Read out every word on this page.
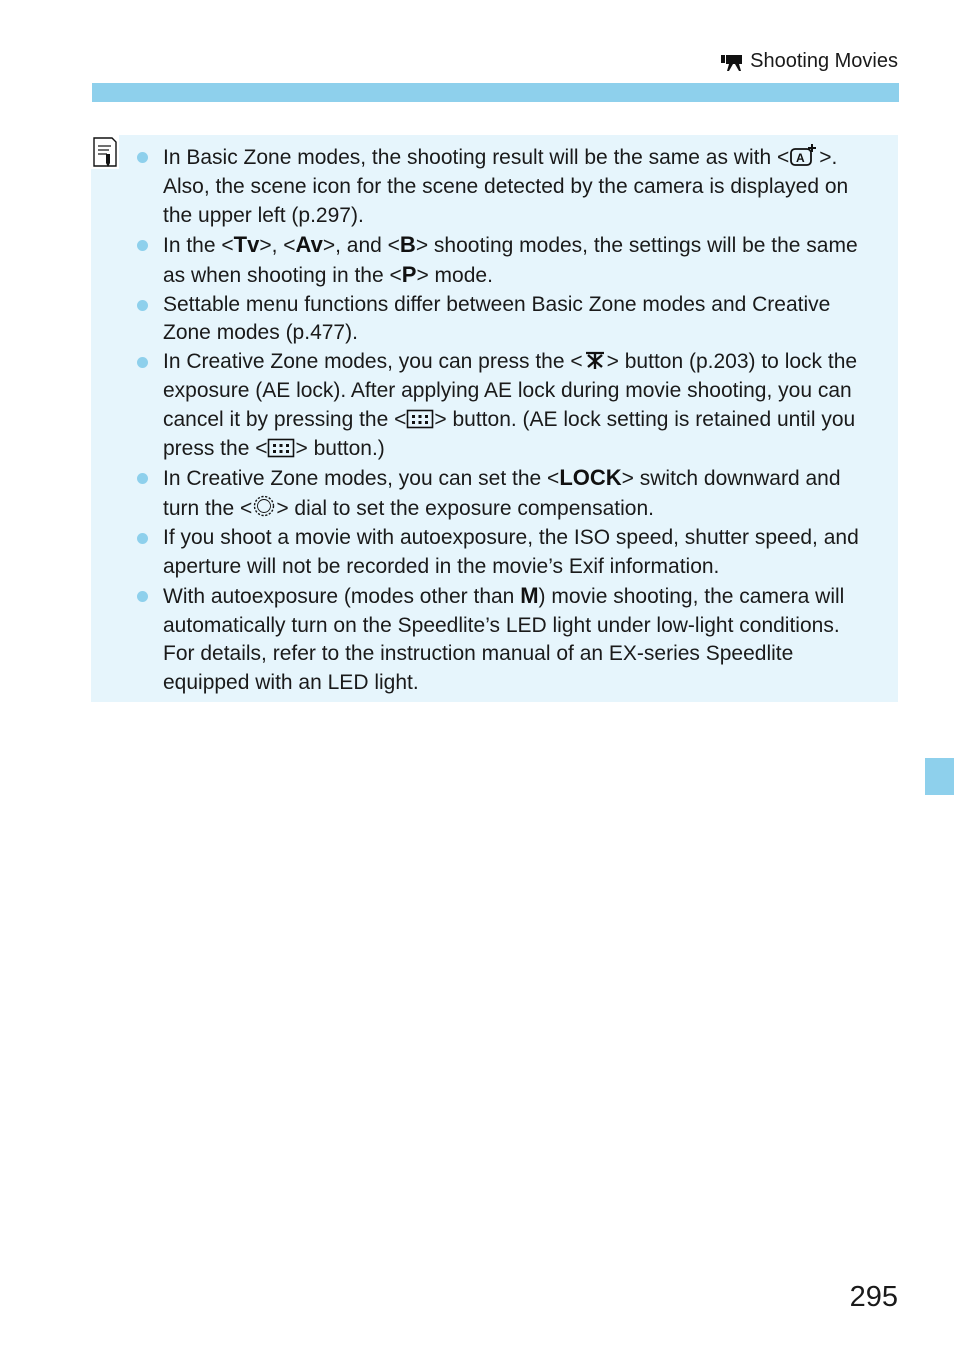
Shooting Movies
In Basic Zone modes, the shooting result will be the same as with < A >. Also, the scene icon for the scene detected by the camera is displayed on the upper left (p.297).
In the <Tv>, <Av>, and <B> shooting modes, the settings will be the same as when shooting in the <P> mode.
Settable menu functions differ between Basic Zone modes and Creative Zone modes (p.477).
In Creative Zone modes, you can press the < > button (p.203) to lock the exposure (AE lock). After applying AE lock during movie shooting, you can cancel it by pressing the < > button. (AE lock setting is retained until you press the < > button.)
In Creative Zone modes, you can set the <LOCK> switch downward and turn the < > dial to set the exposure compensation.
If you shoot a movie with autoexposure, the ISO speed, shutter speed, and aperture will not be recorded in the movie’s Exif information.
With autoexposure (modes other than M) movie shooting, the camera will automatically turn on the Speedlite’s LED light under low-light conditions. For details, refer to the instruction manual of an EX-series Speedlite equipped with an LED light.
295
